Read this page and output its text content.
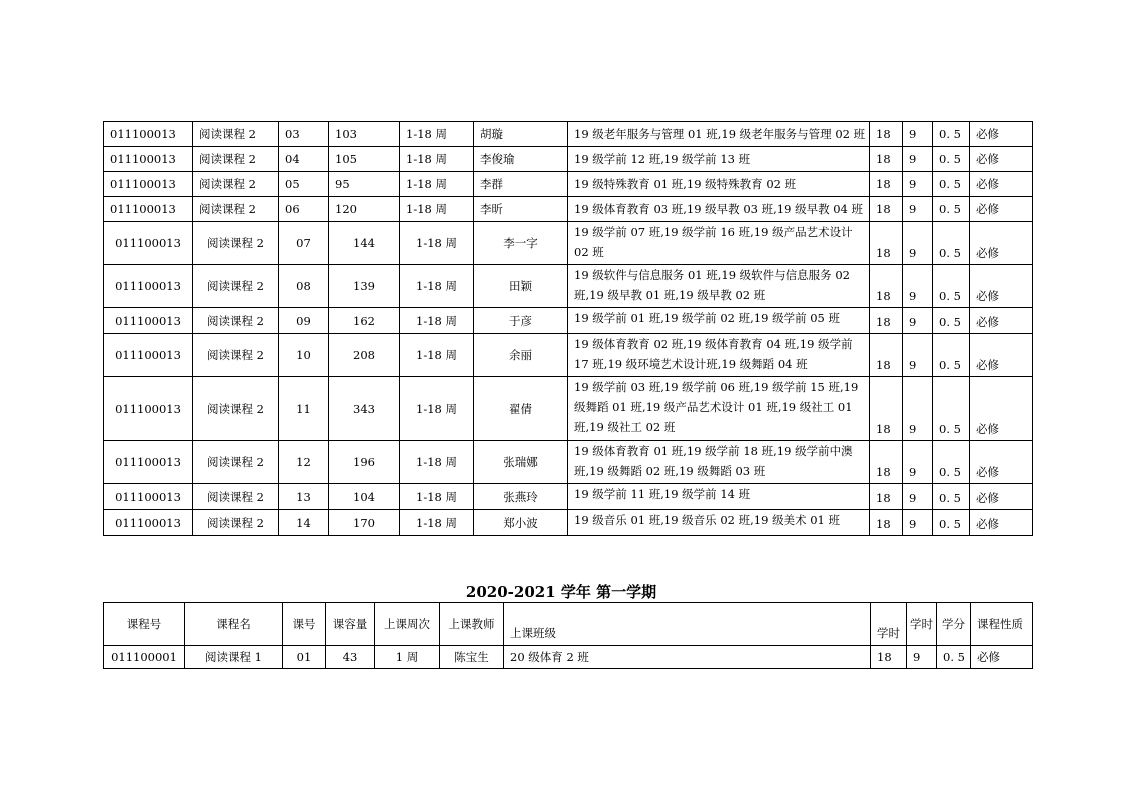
011100013	阅读课程 2	03	103	1-18 周	胡璇	19 级老年服务与管理 01 班,19 级老年服务与管理 02 班	18	9	0. 5	必修
011100013	阅读课程 2	04	105	1-18 周	李俊瑜	19 级学前 12 班,19 级学前 13 班	18	9	0. 5	必修
011100013	阅读课程 2	05	95	1-18 周	李群	19 级特殊教育 01 班,19 级特殊教育 02 班	18	9	0. 5	必修
011100013	阅读课程 2	06	120	1-18 周	李昕	19 级体育教育 03 班,19 级早教 03 班,19 级早教 04 班	18	9	0. 5	必修
011100013	阅读课程 2	07	144	1-18 周	李一字	19 级学前 07 班,19 级学前 16 班,19 级产品艺术设计 02 班	18	9	0. 5	必修
011100013	阅读课程 2	08	139	1-18 周	田颖	19 级软件与信息服务 01 班,19 级软件与信息服务 02 班,19 级早教 01 班,19 级早教 02 班	18	9	0. 5	必修
011100013	阅读课程 2	09	162	1-18 周	于彦	19 级学前 01 班,19 级学前 02 班,19 级学前 05 班	18	9	0. 5	必修
011100013	阅读课程 2	10	208	1-18 周	余丽	19 级体育教育 02 班,19 级体育教育 04 班,19 级学前 17 班,19 级环境艺术设计班,19 级舞蹈 04 班	18	9	0. 5	必修
011100013	阅读课程 2	11	343	1-18 周	翟倩	19 级学前 03 班,19 级学前 06 班,19 级学前 15 班,19 级舞蹈 01 班,19 级产品艺术设计 01 班,19 级社工 01 班,19 级社工 02 班	18	9	0. 5	必修
011100013	阅读课程 2	12	196	1-18 周	张瑞娜	19 级体育教育 01 班,19 级学前 18 班,19 级学前中澳班,19 级舞蹈 02 班,19 级舞蹈 03 班	18	9	0. 5	必修
011100013	阅读课程 2	13	104	1-18 周	张燕玲	19 级学前 11 班,19 级学前 14 班	18	9	0. 5	必修
011100013	阅读课程 2	14	170	1-18 周	郑小波	19 级音乐 01 班,19 级音乐 02 班,19 级美术 01 班	18	9	0. 5	必修
2020-2021 学年 第一学期
课程号	课程名	课号	课容量	上课周次	上课教师	上课班级	学时	学时	学分	课程性质
011100001	阅读课程 1	01	43	1 周	陈宝生	20 级体育 2 班	18	9	0. 5	必修
